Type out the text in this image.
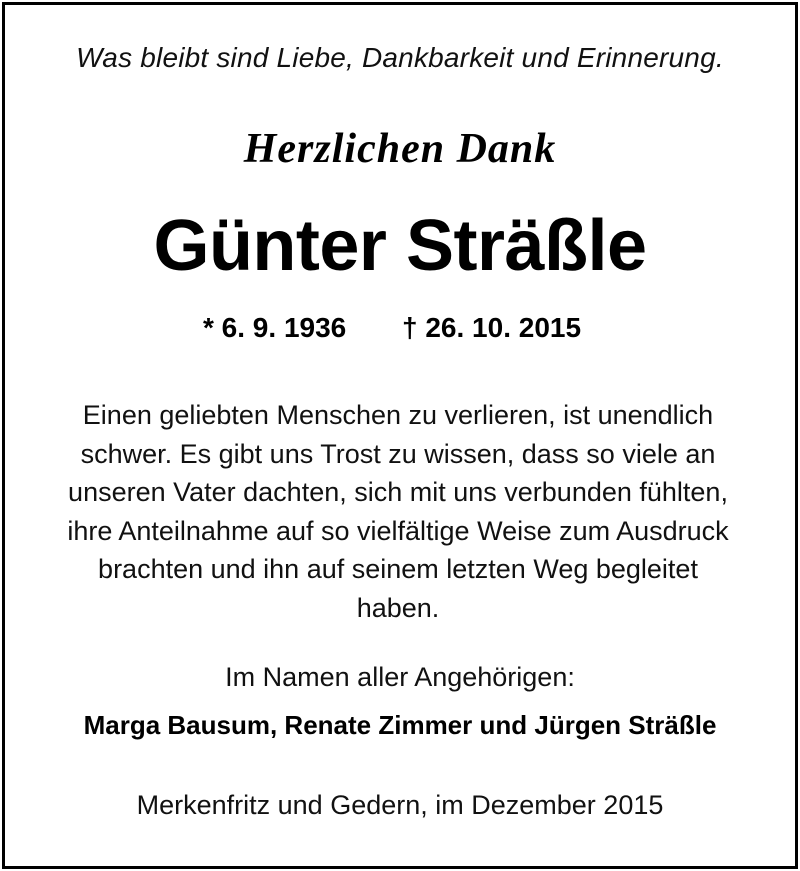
Was bleibt sind Liebe, Dankbarkeit und Erinnerung.
Herzlichen Dank
Günter Sträßle
* 6. 9. 1936 † 26. 10. 2015
Einen geliebten Menschen zu verlieren, ist unendlich
schwer. Es gibt uns Trost zu wissen, dass so viele an
unseren Vater dachten, sich mit uns verbunden fühlten,
ihre Anteilnahme auf so vielfältige Weise zum Ausdruck
brachten und ihn auf seinem letzten Weg begleitet
haben.
Im Namen aller Angehörigen:
Marga Bausum, Renate Zimmer und Jürgen Sträßle
Merkenfritz und Gedern, im Dezember 2015
